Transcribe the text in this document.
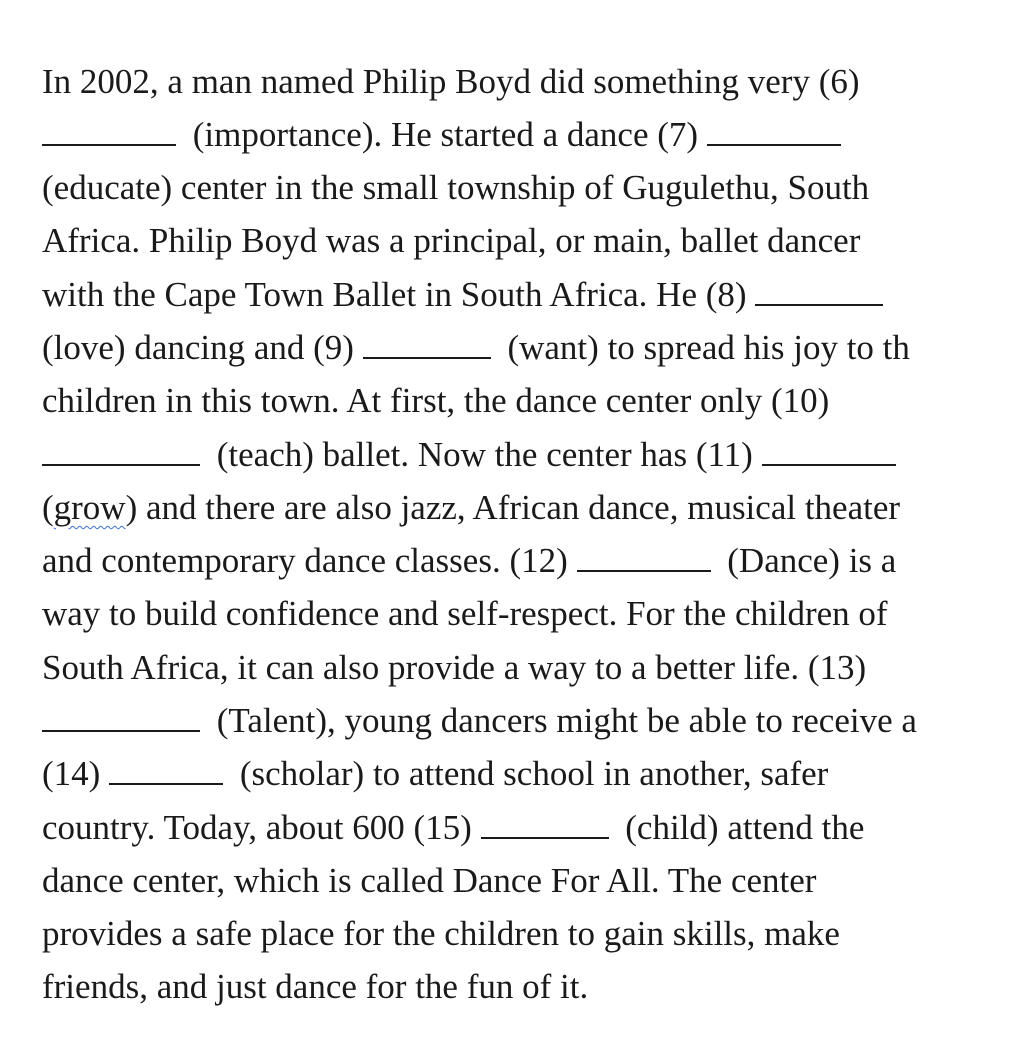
In 2002, a man named Philip Boyd did something very (6)
(importance). He started a dance (7)
(educate) center in the small township of Gugulethu, South
Africa. Philip Boyd was a principal, or main, ballet dancer
with the Cape Town Ballet in South Africa. He (8)
(love) dancing and (9)	(want) to spread his joy to th
children in this town. At first, the dance center only (10)
(teach) ballet. Now the center has (11)
(grow) and there are also jazz, African dance, musical theater
and contemporary dance classes. (12)	(Dance) is a
way to build confidence and self-respect. For the children of
South Africa, it can also provide a way to a better life. (13)
(Talent), young dancers might be able to receive a
(14)	(scholar) to attend school in another, safer
country. Today, about 600 (15)	(child) attend the
dance center, which is called Dance For All. The center
provides a safe place for the children to gain skills, make
friends, and just dance for the fun of it.
